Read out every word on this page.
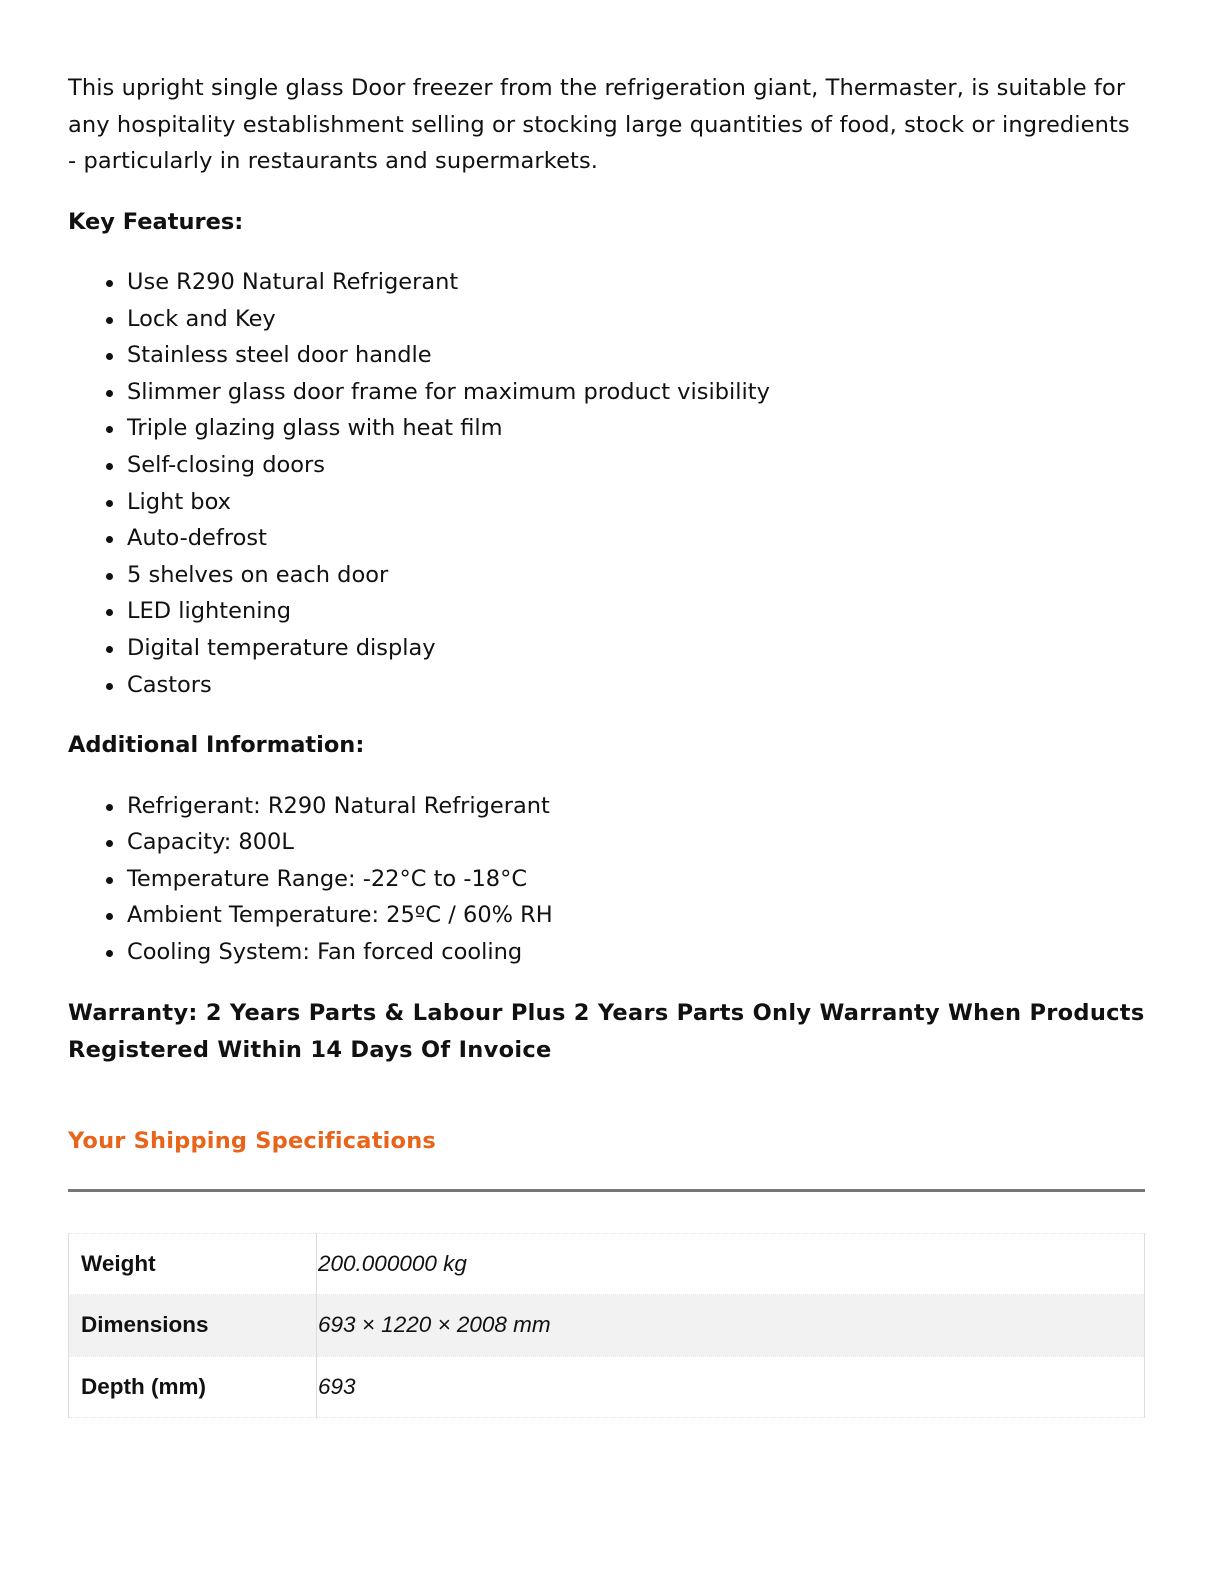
This upright single glass Door freezer from the refrigeration giant, Thermaster, is suitable for any hospitality establishment selling or stocking large quantities of food, stock or ingredients - particularly in restaurants and supermarkets.

Key Features:
Use R290 Natural Refrigerant
Lock and Key
Stainless steel door handle
Slimmer glass door frame for maximum product visibility
Triple glazing glass with heat film
Self-closing doors
Light box
Auto-defrost
5 shelves on each door
LED lightening
Digital temperature display
Castors
Additional Information:
Refrigerant: R290 Natural Refrigerant
Capacity: 800L
Temperature Range: -22°C to -18°C
Ambient Temperature: 25ºC / 60% RH
Cooling System: Fan forced cooling

Warranty: 2 Years Parts & Labour Plus 2 Years Parts Only Warranty When Products Registered Within 14 Days Of Invoice

Your Shipping Specifications
Weight	200.000000 kg
Dimensions	693 × 1220 × 2008 mm
Depth (mm)	693
